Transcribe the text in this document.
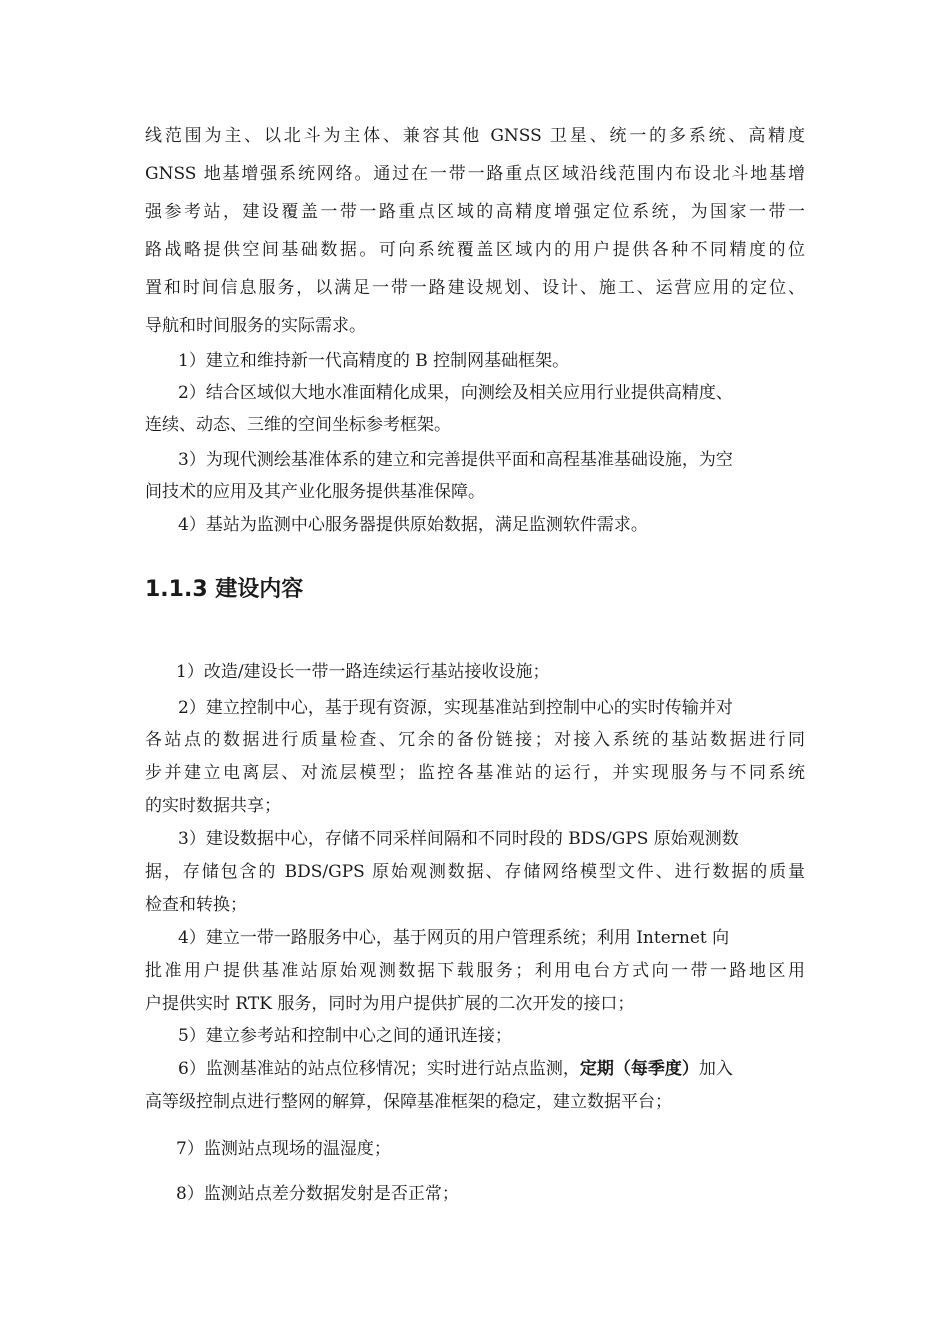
线范围为主、以北斗为主体、兼容其他 GNSS 卫星、统一的多系统、高精度
GNSS 地基增强系统网络。通过在一带一路重点区域沿线范围内布设北斗地基增
强参考站，建设覆盖一带一路重点区域的高精度增强定位系统，为国家一带一
路战略提供空间基础数据。可向系统覆盖区域内的用户提供各种不同精度的位
置和时间信息服务，以满足一带一路建设规划、设计、施工、运营应用的定位、
导航和时间服务的实际需求。
1）建立和维持新一代高精度的 B 控制网基础框架。
2）结合区域似大地水准面精化成果，向测绘及相关应用行业提供高精度、
连续、动态、三维的空间坐标参考框架。
3）为现代测绘基准体系的建立和完善提供平面和高程基准基础设施，为空
间技术的应用及其产业化服务提供基准保障。
4）基站为监测中心服务器提供原始数据，满足监测软件需求。
1.1.3 建设内容
1）改造/建设长一带一路连续运行基站接收设施；
2）建立控制中心，基于现有资源，实现基准站到控制中心的实时传输并对
各站点的数据进行质量检查、冗余的备份链接；对接入系统的基站数据进行同
步并建立电离层、对流层模型；监控各基准站的运行，并实现服务与不同系统
的实时数据共享；
3）建设数据中心，存储不同采样间隔和不同时段的 BDS/GPS 原始观测数
据，存储包含的 BDS/GPS 原始观测数据、存储网络模型文件、进行数据的质量
检查和转换；
4）建立一带一路服务中心，基于网页的用户管理系统；利用 Internet 向
批准用户提供基准站原始观测数据下载服务；利用电台方式向一带一路地区用
户提供实时 RTK 服务，同时为用户提供扩展的二次开发的接口；
5）建立参考站和控制中心之间的通讯连接；
6）监测基准站的站点位移情况；实时进行站点监测，定期（每季度）加入
高等级控制点进行整网的解算，保障基准框架的稳定，建立数据平台；
7）监测站点现场的温湿度；
8）监测站点差分数据发射是否正常；
